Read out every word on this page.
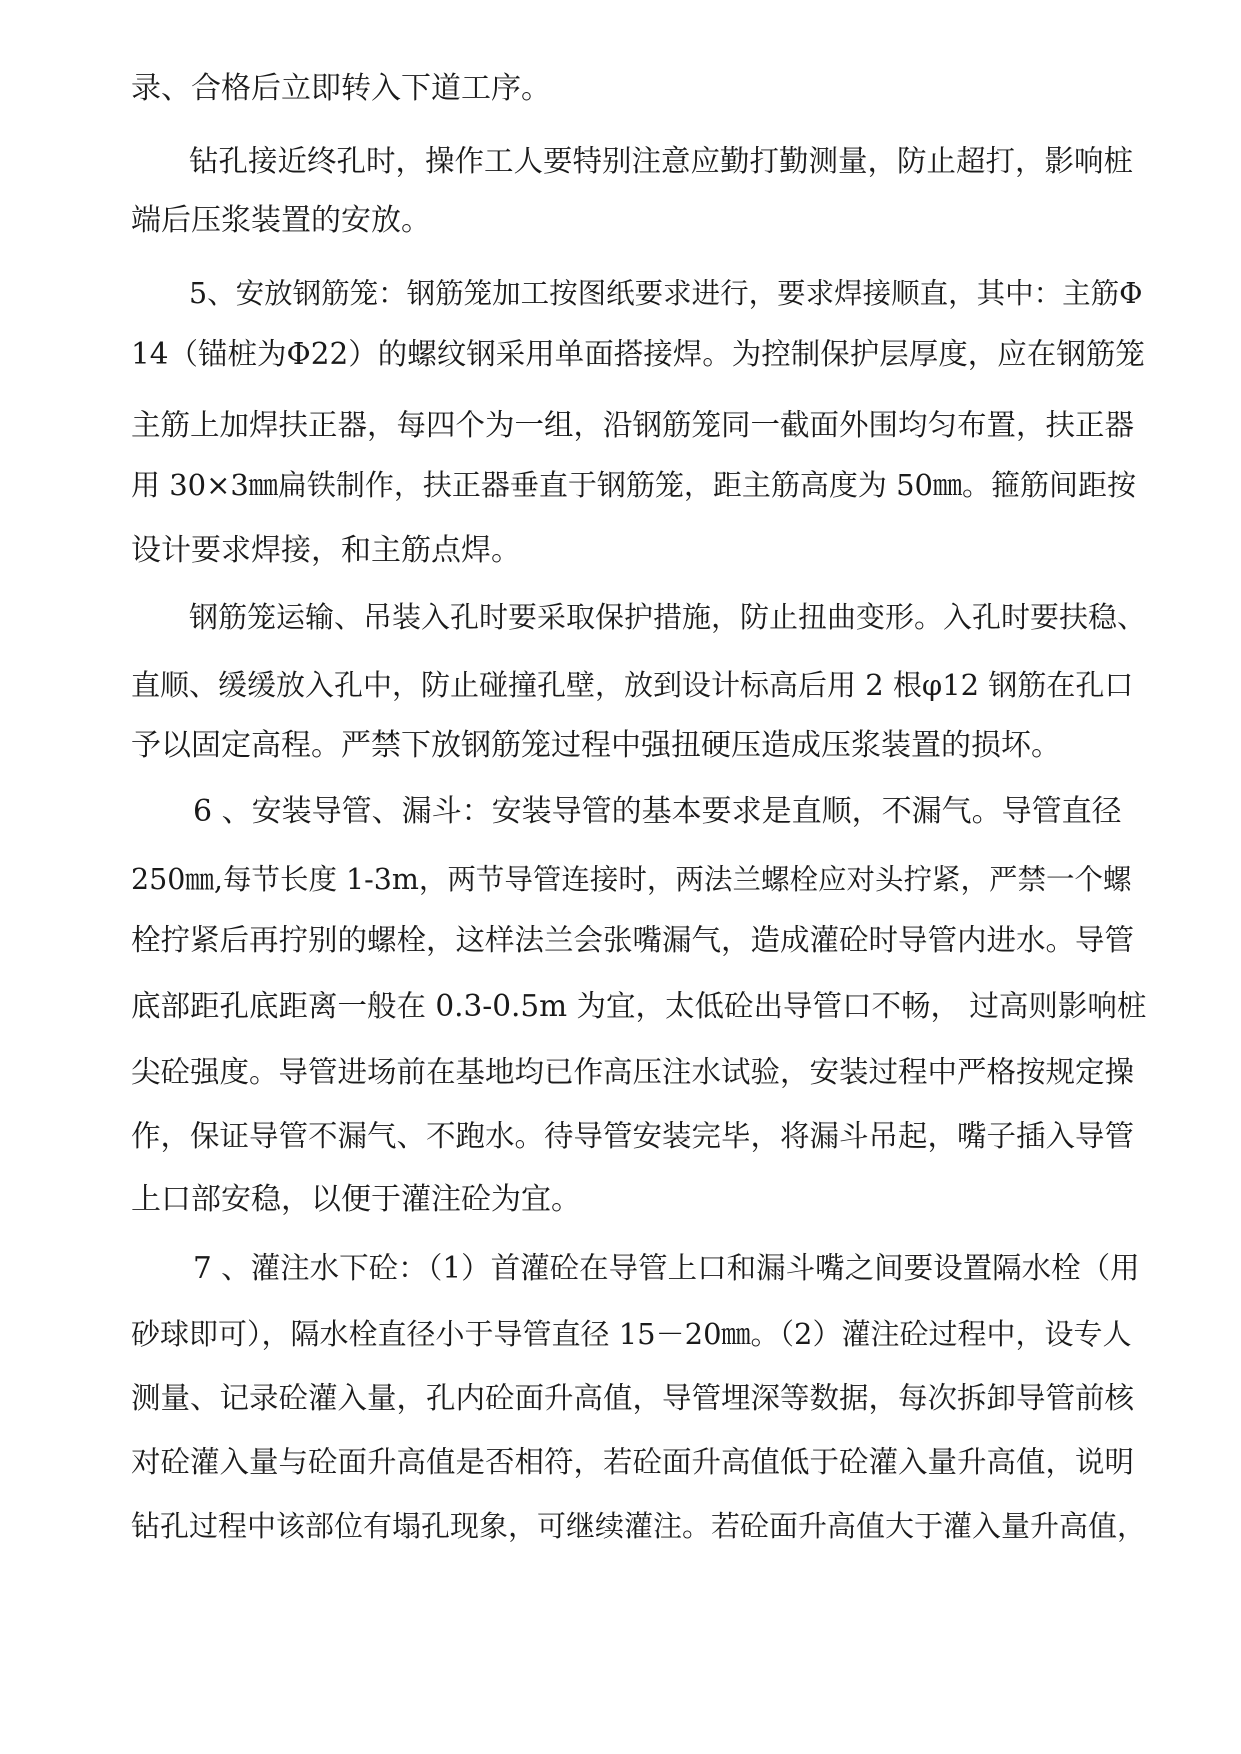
录、合格后立即转入下道工序。
钻孔接近终孔时，操作工人要特别注意应勤打勤测量，防止超打，影响桩
端后压浆装置的安放。
5、安放钢筋笼：钢筋笼加工按图纸要求进行，要求焊接顺直，其中：主筋Φ
14（锚桩为Φ22）的螺纹钢采用单面搭接焊。为控制保护层厚度，应在钢筋笼
主筋上加焊扶正器，每四个为一组，沿钢筋笼同一截面外围均匀布置，扶正器
用 30×3㎜扁铁制作，扶正器垂直于钢筋笼，距主筋高度为 50㎜。箍筋间距按
设计要求焊接，和主筋点焊。
钢筋笼运输、吊装入孔时要采取保护措施，防止扭曲变形。入孔时要扶稳、
直顺、缓缓放入孔中，防止碰撞孔壁，放到设计标高后用 2 根φ12 钢筋在孔口
予以固定高程。严禁下放钢筋笼过程中强扭硬压造成压浆装置的损坏。
6 、安装导管、漏斗：安装导管的基本要求是直顺，不漏气。导管直径
250㎜,每节长度 1-3m，两节导管连接时，两法兰螺栓应对头拧紧，严禁一个螺
栓拧紧后再拧别的螺栓，这样法兰会张嘴漏气，造成灌砼时导管内进水。导管
底部距孔底距离一般在 0.3-0.5m 为宜，太低砼出导管口不畅， 过高则影响桩
尖砼强度。导管进场前在基地均已作高压注水试验，安装过程中严格按规定操
作，保证导管不漏气、不跑水。待导管安装完毕，将漏斗吊起，嘴子插入导管
上口部安稳，以便于灌注砼为宜。
7 、灌注水下砼：（1）首灌砼在导管上口和漏斗嘴之间要设置隔水栓（用
砂球即可），隔水栓直径小于导管直径 15－20㎜。（2）灌注砼过程中，设专人
测量、记录砼灌入量，孔内砼面升高值，导管埋深等数据，每次拆卸导管前核
对砼灌入量与砼面升高值是否相符，若砼面升高值低于砼灌入量升高值，说明
钻孔过程中该部位有塌孔现象，可继续灌注。若砼面升高值大于灌入量升高值，
